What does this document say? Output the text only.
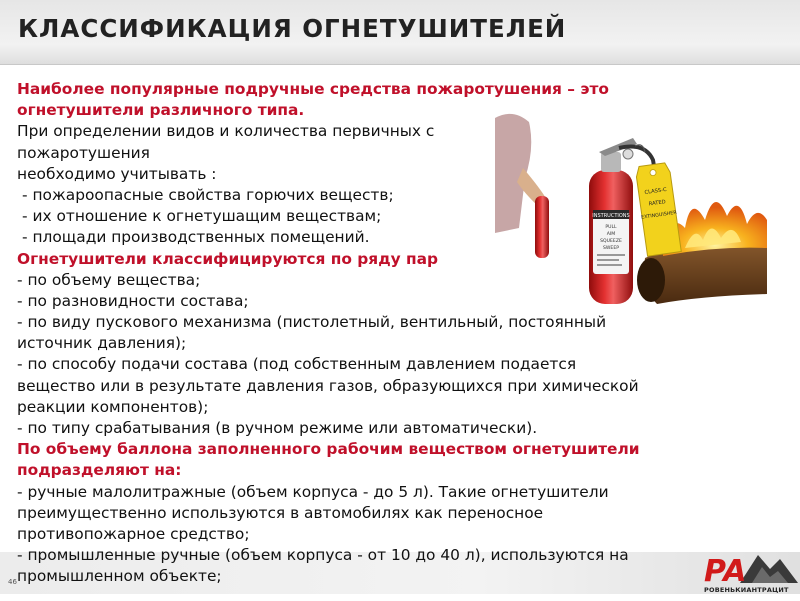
КЛАССИФИКАЦИЯ ОГНЕТУШИТЕЛЕЙ
INSTRUCTIONS
PULL
AIM
SQUEEZE
SWEEP
CLASS-C
RATED
EXTINGUISHER
Наиболее популярные подручные средства пожаротушения – это
огнетушители различного типа.
При определении видов и количества первичных с
пожаротушения
необходимо учитывать :
- пожароопасные свойства горючих веществ;
- их отношение к огнетушащим веществам;
- площади производственных помещений.
Огнетушители классифицируются по ряду пар
- по объему вещества;
- по разновидности состава;
- по виду пускового механизма (пистолетный, вентильный, постоянный
источник давления);
- по способу подачи состава (под собственным давлением подается
вещество или в результате давления газов, образующихся при химической
реакции компонентов);
- по типу срабатывания (в ручном режиме или автоматически).
По объему баллона заполненного рабочим веществом огнетушители
подразделяют на:
- ручные малолитражные (объем корпуса - до 5 л). Такие огнетушители
преимущественно используются в автомобилях как переносное
противопожарное средство;
- промышленные ручные (объем корпуса - от 10 до 40 л), используются на
промышленном объекте;
46	PA
РОВЕНЬКИАНТРАЦИТ
